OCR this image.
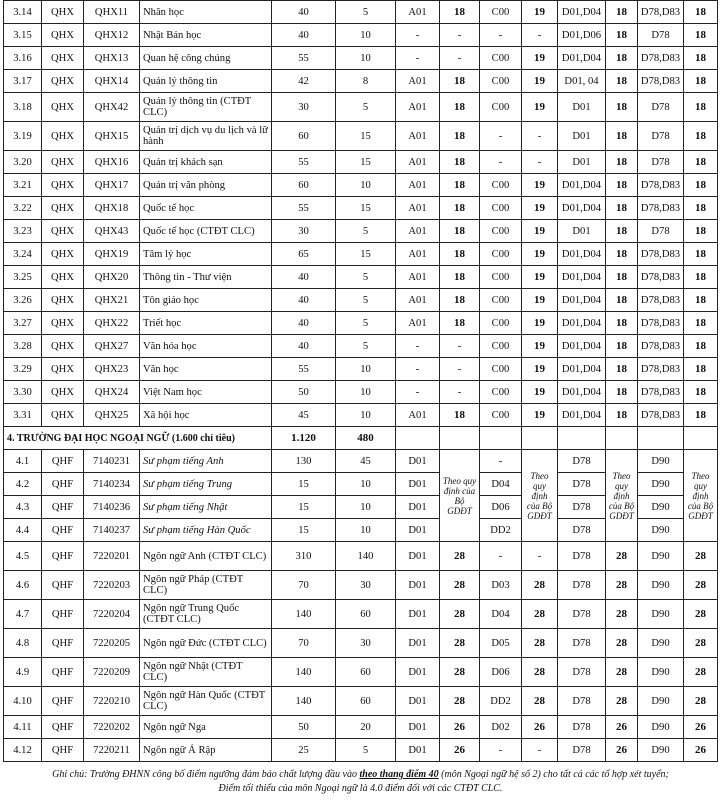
3.14	QHX	QHX11	Nhân học	40	5	A01	18	C00	19	D01,D04	18	D78,D83	18
3.15	QHX	QHX12	Nhật Bản học	40	10	-	-	-	-	D01,D06	18	D78	18
3.16	QHX	QHX13	Quan hệ công chúng	55	10	-	-	C00	19	D01,D04	18	D78,D83	18
3.17	QHX	QHX14	Quản lý thông tin	42	8	A01	18	C00	19	D01, 04	18	D78,D83	18
3.18	QHX	QHX42	Quản lý thông tin (CTĐT CLC)	30	5	A01	18	C00	19	D01	18	D78	18
3.19	QHX	QHX15	Quản trị dịch vụ du lịch và lữ hành	60	15	A01	18	-	-	D01	18	D78	18
3.20	QHX	QHX16	Quản trị khách sạn	55	15	A01	18	-	-	D01	18	D78	18
3.21	QHX	QHX17	Quản trị văn phòng	60	10	A01	18	C00	19	D01,D04	18	D78,D83	18
3.22	QHX	QHX18	Quốc tế học	55	15	A01	18	C00	19	D01,D04	18	D78,D83	18
3.23	QHX	QHX43	Quốc tế học (CTĐT CLC)	30	5	A01	18	C00	19	D01	18	D78	18
3.24	QHX	QHX19	Tâm lý học	65	15	A01	18	C00	19	D01,D04	18	D78,D83	18
3.25	QHX	QHX20	Thông tin - Thư viện	40	5	A01	18	C00	19	D01,D04	18	D78,D83	18
3.26	QHX	QHX21	Tôn giáo học	40	5	A01	18	C00	19	D01,D04	18	D78,D83	18
3.27	QHX	QHX22	Triết học	40	5	A01	18	C00	19	D01,D04	18	D78,D83	18
3.28	QHX	QHX27	Văn hóa học	40	5	-	-	C00	19	D01,D04	18	D78,D83	18
3.29	QHX	QHX23	Văn học	55	10	-	-	C00	19	D01,D04	18	D78,D83	18
3.30	QHX	QHX24	Việt Nam học	50	10	-	-	C00	19	D01,D04	18	D78,D83	18
3.31	QHX	QHX25	Xã hội học	45	10	A01	18	C00	19	D01,D04	18	D78,D83	18
4. TRƯỜNG ĐẠI HỌC NGOẠI NGỮ (1.600 chỉ tiêu)				1.120	480								
4.1	QHF	7140231	Sư phạm tiếng Anh	130	45	D01	Theo quy định của Bộ GDĐT	-	Theo quy định của Bộ GDĐT	D78	Theo quy định của Bộ GDĐT	D90	Theo quy định của Bộ GDĐT
4.2	QHF	7140234	Sư phạm tiếng Trung	15	10	D01		D04		D78		D90	
4.3	QHF	7140236	Sư phạm tiếng Nhật	15	10	D01		D06		D78		D90	
4.4	QHF	7140237	Sư phạm tiếng Hàn Quốc	15	10	D01		DD2		D78		D90	
4.5	QHF	7220201	Ngôn ngữ Anh (CTĐT CLC)	310	140	D01	28	-	-	D78	28	D90	28
4.6	QHF	7220203	Ngôn ngữ Pháp (CTĐT CLC)	70	30	D01	28	D03	28	D78	28	D90	28
4.7	QHF	7220204	Ngôn ngữ Trung Quốc (CTĐT CLC)	140	60	D01	28	D04	28	D78	28	D90	28
4.8	QHF	7220205	Ngôn ngữ Đức (CTĐT CLC)	70	30	D01	28	D05	28	D78	28	D90	28
4.9	QHF	7220209	Ngôn ngữ Nhật (CTĐT CLC)	140	60	D01	28	D06	28	D78	28	D90	28
4.10	QHF	7220210	Ngôn ngữ Hàn Quốc (CTĐT CLC)	140	60	D01	28	DD2	28	D78	28	D90	28
4.11	QHF	7220202	Ngôn ngữ Nga	50	20	D01	26	D02	26	D78	26	D90	26
4.12	QHF	7220211	Ngôn ngữ Ả Rập	25	5	D01	26	-	-	D78	26	D90	26
Ghi chú: Trường ĐHNN công bố điểm ngưỡng đảm bảo chất lượng đầu vào theo thang điểm 40 (môn Ngoại ngữ hệ số 2) cho tất cả các tổ hợp xét tuyển;
Điểm tối thiểu của môn Ngoại ngữ là 4.0 điểm đối với các CTĐT CLC.													
